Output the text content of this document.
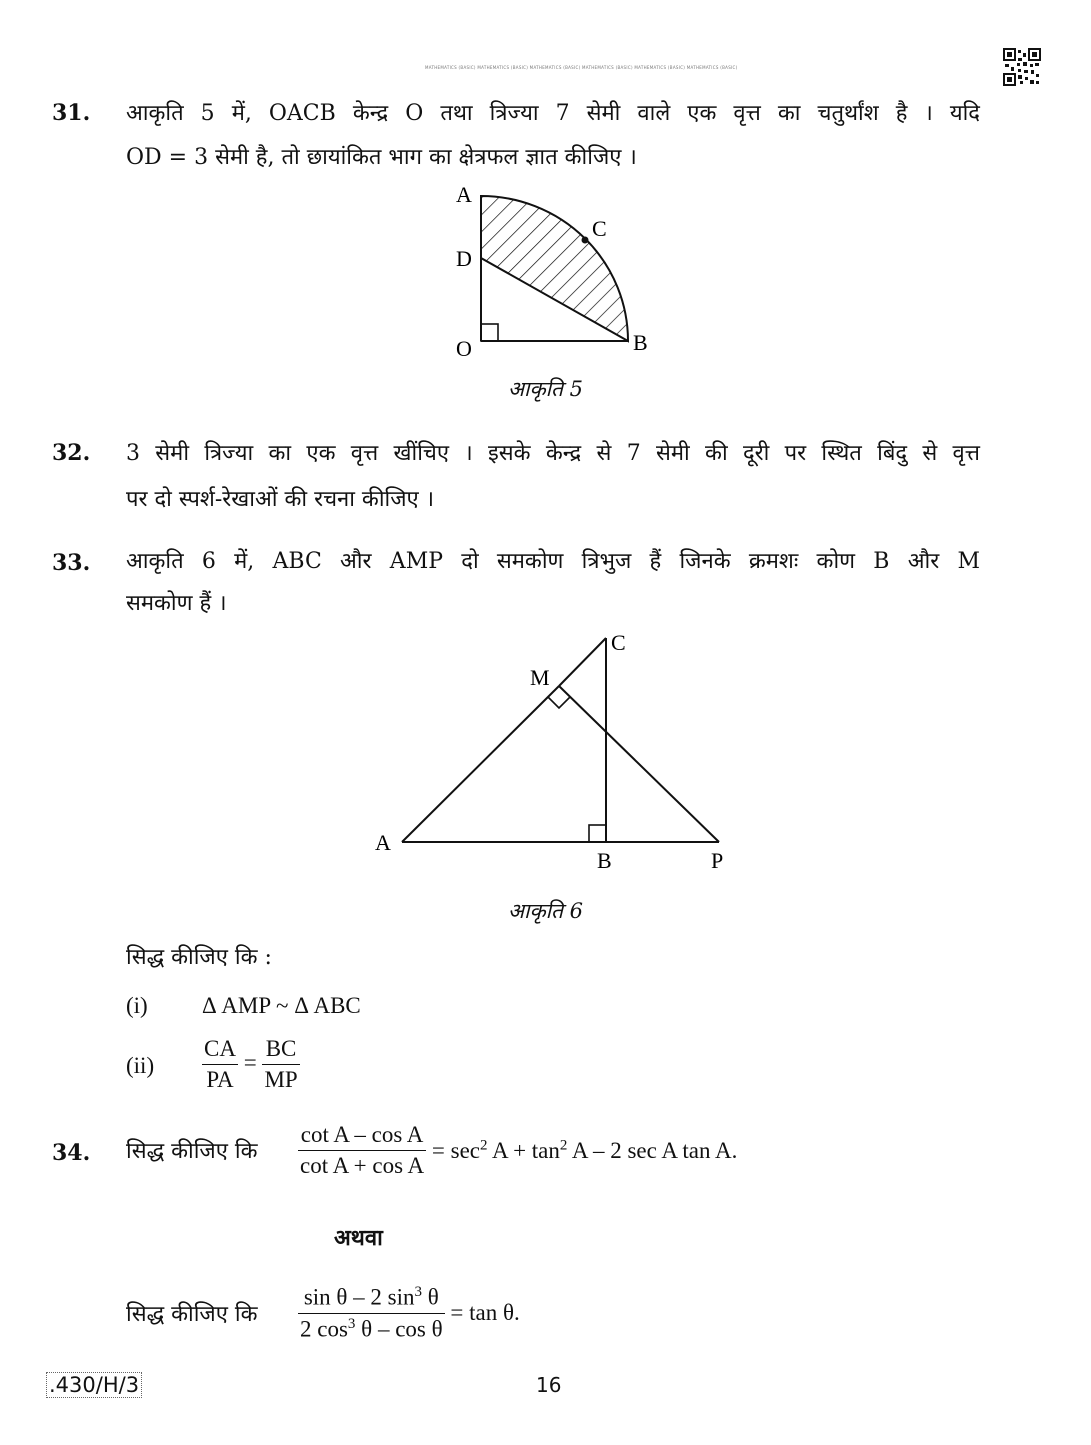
MATHEMATICS (BASIC) MATHEMATICS (BASIC) MATHEMATICS (BASIC) MATHEMATICS (BASIC) MATHEMATICS (BASIC) MATHEMATICS (BASIC)
31. आकृति 5 में, OACB केन्द्र O तथा त्रिज्या 7 सेमी वाले एक वृत्त का चतुर्थांश है । यदि
OD = 3 सेमी है, तो छायांकित भाग का क्षेत्रफल ज्ञात कीजिए ।
A
C
D
O	B
आकृति 5
32. 3 सेमी त्रिज्या का एक वृत्त खींचिए । इसके केन्द्र से 7 सेमी की दूरी पर स्थित बिंदु से वृत्त
पर दो स्पर्श-रेखाओं की रचना कीजिए ।
33. आकृति 6 में, ABC और AMP दो समकोण त्रिभुज हैं जिनके क्रमशः कोण B और M
समकोण हैं ।
C
M
A
B	P
आकृति 6
सिद्ध कीजिए कि :
(i) Δ AMP ~ Δ ABC
$(ii) \frac{CA}{PA} = \frac{BC}{MP}$
34. सिद्ध कीजिए कि $\frac{\text{cot A – cos A}}{\text{cot A + cos A}} = \sec^2 A + \tan^2 A - 2$ sec A tan A.
अथवा
सिद्ध कीजिए कि $\frac{\sin \theta - 2 \sin^3 \theta}{2 \cos^3 \theta - \cos \theta} = \tan \theta$.
.430/H/3	16
